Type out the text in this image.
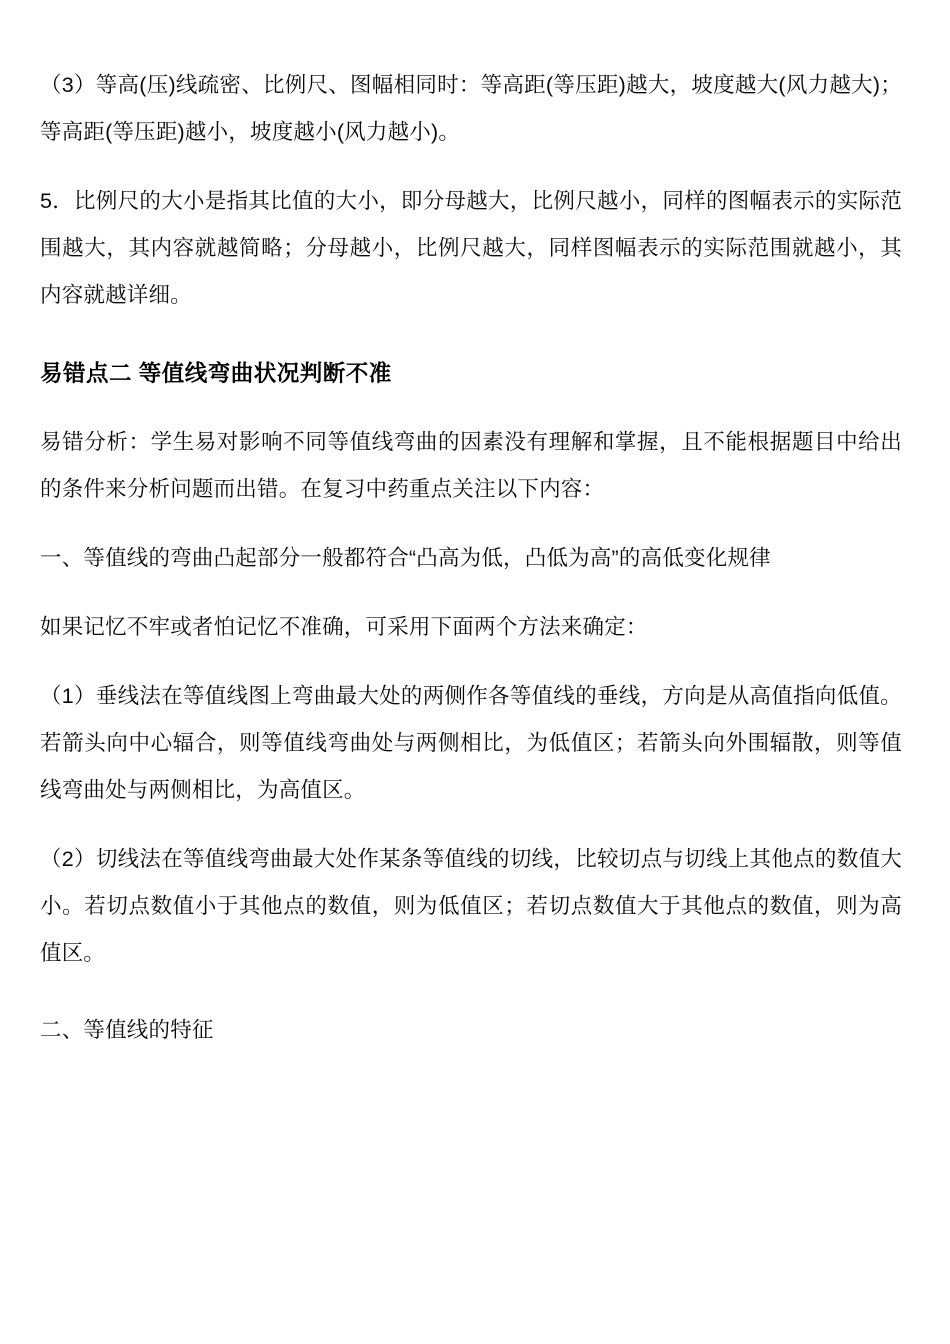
（3）等高(压)线疏密、比例尺、图幅相同时：等高距(等压距)越大，坡度越大(风力越大)；等高距(等压距)越小，坡度越小(风力越小)。

5．比例尺的大小是指其比值的大小，即分母越大，比例尺越小，同样的图幅表示的实际范围越大，其内容就越简略；分母越小，比例尺越大，同样图幅表示的实际范围就越小，其内容就越详细。

易错点二 等值线弯曲状况判断不准

易错分析：学生易对影响不同等值线弯曲的因素没有理解和掌握，且不能根据题目中给出的条件来分析问题而出错。在复习中药重点关注以下内容：

一、等值线的弯曲凸起部分一般都符合“凸高为低，凸低为高”的高低变化规律

如果记忆不牢或者怕记忆不准确，可采用下面两个方法来确定：

（1）垂线法在等值线图上弯曲最大处的两侧作各等值线的垂线，方向是从高值指向低值。若箭头向中心辐合，则等值线弯曲处与两侧相比，为低值区；若箭头向外围辐散，则等值线弯曲处与两侧相比，为高值区。

（2）切线法在等值线弯曲最大处作某条等值线的切线，比较切点与切线上其他点的数值大小。若切点数值小于其他点的数值，则为低值区；若切点数值大于其他点的数值，则为高值区。

二、等值线的特征
